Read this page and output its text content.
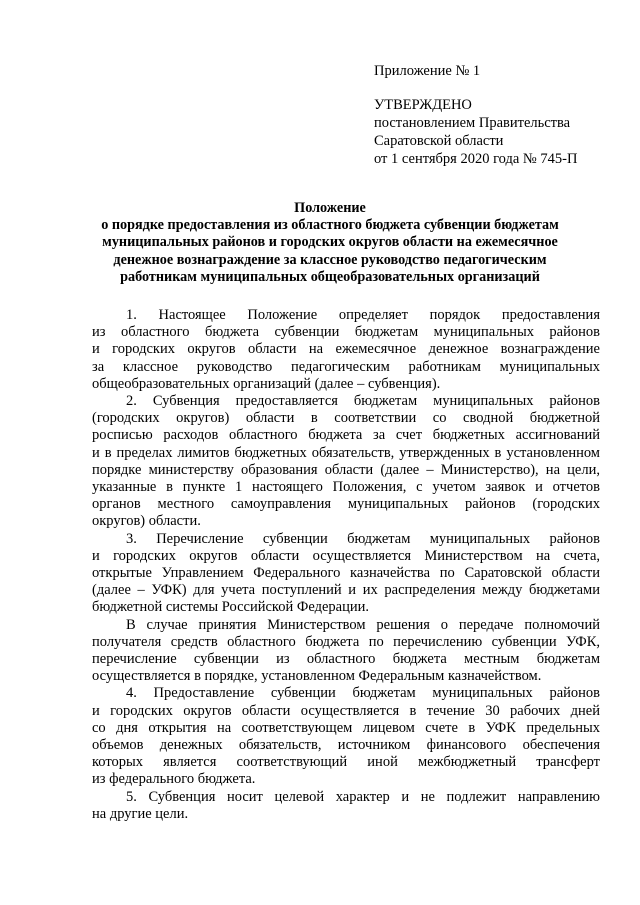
Приложение № 1
УТВЕРЖДЕНО
постановлением Правительства
Саратовской области
от 1 сентября 2020 года № 745-П
Положение
о порядке предоставления из областного бюджета субвенции бюджетам
муниципальных районов и городских округов области на ежемесячное
денежное вознаграждение за классное руководство педагогическим
работникам муниципальных общеобразовательных организаций
1. Настоящее Положение определяет порядок предоставления
из областного бюджета субвенции бюджетам муниципальных районов
и городских округов области на ежемесячное денежное вознаграждение
за классное руководство педагогическим работникам муниципальных
общеобразовательных организаций (далее – субвенция).
2. Субвенция предоставляется бюджетам муниципальных районов
(городских округов) области в соответствии со сводной бюджетной
росписью расходов областного бюджета за счет бюджетных ассигнований
и в пределах лимитов бюджетных обязательств, утвержденных в установленном
порядке министерству образования области (далее – Министерство), на цели,
указанные в пункте 1 настоящего Положения, с учетом заявок и отчетов
органов местного самоуправления муниципальных районов (городских
округов) области.
3. Перечисление субвенции бюджетам муниципальных районов
и городских округов области осуществляется Министерством на счета,
открытые Управлением Федерального казначейства по Саратовской области
(далее – УФК) для учета поступлений и их распределения между бюджетами
бюджетной системы Российской Федерации.
В случае принятия Министерством решения о передаче полномочий
получателя средств областного бюджета по перечислению субвенции УФК,
перечисление субвенции из областного бюджета местным бюджетам
осуществляется в порядке, установленном Федеральным казначейством.
4. Предоставление субвенции бюджетам муниципальных районов
и городских округов области осуществляется в течение 30 рабочих дней
со дня открытия на соответствующем лицевом счете в УФК предельных
объемов денежных обязательств, источником финансового обеспечения
которых является соответствующий иной межбюджетный трансферт
из федерального бюджета.
5. Субвенция носит целевой характер и не подлежит направлению
на другие цели.
